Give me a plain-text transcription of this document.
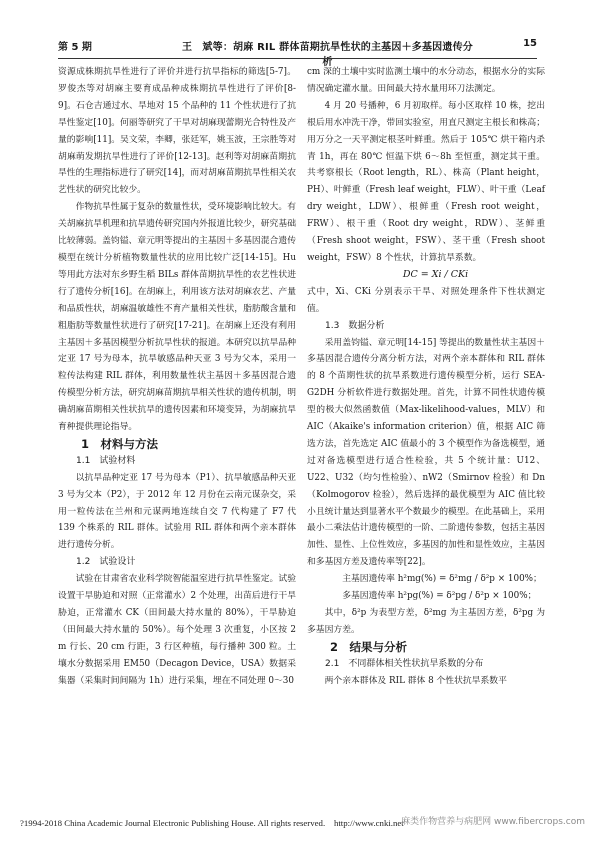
第 5 期	王　斌等：胡麻 RIL 群体苗期抗旱性状的主基因＋多基因遗传分析
15

资源成株期抗旱性进行了评价并进行抗旱指标的筛选[5-7]。罗俊杰等对胡麻主要育成品种成株期抗旱性进行了评价[8-9]。石仓吉通过水、旱地对 15 个品种的 11 个性状进行了抗旱性鉴定[10]。何丽等研究了干旱对胡麻现蕾期光合特性及产量的影响[11]。吴文荣，李卿，张廷军，姚玉波，王宗胜等对胡麻萌发期抗旱性进行了评价[12-13]。赵利等对胡麻苗期抗旱性的生理指标进行了研究[14]，而对胡麻苗期抗旱性相关农艺性状的研究比较少。

作物抗旱性属于复杂的数量性状，受环境影响比较大。有关胡麻抗旱机理和抗旱遗传研究国内外报道比较少，研究基础比较薄弱。盖钧镒、章元明等提出的主基因＋多基因混合遗传模型在统计分析植物数量性状的应用比较广泛[14-15]。Hu 等用此方法对东乡野生稻 BILs 群体苗期抗旱性的农艺性状进行了遗传分析[16]。在胡麻上，利用该方法对胡麻农艺、产量和品质性状，胡麻温敏雄性不育产量相关性状，脂肪酸含量和粗脂肪等数量性状进行了研究[17-21]。在胡麻上还没有利用主基因＋多基因模型分析抗旱性状的报道。本研究以抗旱品种定亚 17 号为母本，抗旱敏感品种天亚 3 号为父本，采用一粒传法构建 RIL 群体，利用数量性状主基因＋多基因混合遗传模型分析方法，研究胡麻苗期抗旱相关性状的遗传机制，明确胡麻苗期相关性状抗旱的遗传因素和环境变异，为胡麻抗旱育种提供理论指导。

1　材料与方法

1.1　试验材料

以抗旱品种定亚 17 号为母本（P1）、抗旱敏感品种天亚 3 号为父本（P2），于 2012 年 12 月份在云南元谋杂交，采用一粒传法在兰州和元谋两地连续自交 7 代构建了 F7 代 139 个株系的 RIL 群体。试验用 RIL 群体和两个亲本群体进行遗传分析。

1.2　试验设计

试验在甘肃省农业科学院智能温室进行抗旱性鉴定。试验设置干旱胁迫和对照（正常灌水）2 个处理，出苗后进行干旱胁迫，正常灌水 CK（田间最大持水量的 80%），干旱胁迫（田间最大持水量的 50%）。每个处理 3 次重复，小区按 2 m 行长、20 cm 行距，3 行区种植，每行播种 300 粒。土壤水分数据采用 EM50（Decagon Device，USA）数据采集器（采集时间间隔为 1h）进行采集，埋在不同处理 0～30

cm 深的土壤中实时监测土壤中的水分动态，根据水分的实际情况确定灌水量。田间最大持水量用环刀法测定。

4 月 20 号播种，6 月初取样。每小区取样 10 株，挖出根后用水冲洗干净，带回实验室，用直尺测定主根长和株高；用万分之一天平测定根茎叶鲜重。然后于 105℃ 烘干箱内杀青 1h，再在 80℃ 恒温下烘 6～8h 至恒重，测定其干重。共考察根长（Root length，RL）、株高（Plant height，PH）、叶鲜重（Fresh leaf weight，FLW）、叶干重（Leaf dry weight，LDW）、根鲜重（Fresh root weight，FRW）、根干重（Root dry weight，RDW）、茎鲜重（Fresh shoot weight，FSW）、茎干重（Fresh shoot weight，FSW）8 个性状，计算抗旱系数。

DC = Xi / CKi

式中，Xi、CKi 分别表示干旱、对照处理条件下性状测定值。

1.3　数据分析

采用盖钧镒、章元明[14-15] 等提出的数量性状主基因＋多基因混合遗传分离分析方法，对两个亲本群体和 RIL 群体的 8 个苗期性状的抗旱系数进行遗传模型分析，运行 SEA-G2DH 分析软件进行数据处理。首先，计算不同性状遗传模型的极大似然函数值（Max-likelihood-values，MLV）和 AIC（Akaike's information criterion）值，根据 AIC 筛选方法，首先选定 AIC 值最小的 3 个模型作为备选模型，通过对备选模型进行适合性检验，共 5 个统计量：U12、U22、U32（均匀性检验）、nW2（Smirnov 检验）和 Dn（Kolmogorov 检验），然后选择的最优模型为 AIC 值比较小且统计量达到显著水平个数最少的模型。在此基础上，采用最小二乘法估计遗传模型的一阶、二阶遗传参数，包括主基因加性、显性、上位性效应，多基因的加性和显性效应，主基因和多基因方差及遗传率等[22]。

主基因遗传率 h²mg(%) = δ²mg / δ²p × 100%；

多基因遗传率 h²pg(%) = δ²pg / δ²p × 100%；

其中，δ²p 为表型方差，δ²mg 为主基因方差，δ²pg 为多基因方差。

2　结果与分析

2.1　不同群体相关性状抗旱系数的分布

两个亲本群体及 RIL 群体 8 个性状抗旱系数平

?1994-2018 China Academic Journal Electronic Publishing House. All rights reserved.　http://www.cnki.net
麻类作物营养与病肥网 www.fibercrops.com
